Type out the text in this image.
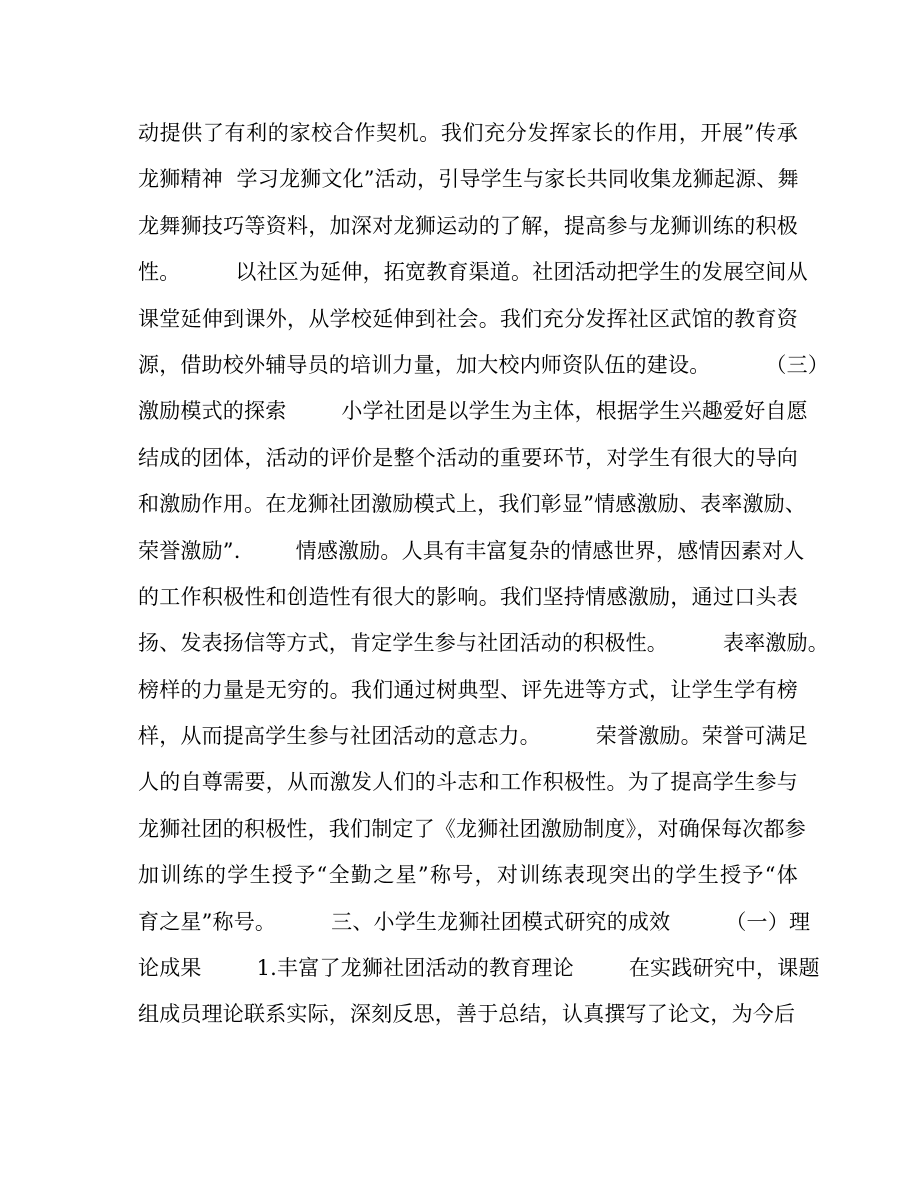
动提供了有利的家校合作契机。我们充分发挥家长的作用，开展”传承
龙狮精神  学习龙狮文化”活动，引导学生与家长共同收集龙狮起源、舞
龙舞狮技巧等资料，加深对龙狮运动的了解，提高参与龙狮训练的积极
性。        以社区为延伸，拓宽教育渠道。社团活动把学生的发展空间从
课堂延伸到课外，从学校延伸到社会。我们充分发挥社区武馆的教育资
源，借助校外辅导员的培训力量，加大校内师资队伍的建设。        （三）
激励模式的探索        小学社团是以学生为主体，根据学生兴趣爱好自愿
结成的团体，活动的评价是整个活动的重要环节，对学生有很大的导向
和激励作用。在龙狮社团激励模式上，我们彰显”情感激励、表率激励、
荣誉激励”.        情感激励。人具有丰富复杂的情感世界，感情因素对人
的工作积极性和创造性有很大的影响。我们坚持情感激励，通过口头表
扬、发表扬信等方式，肯定学生参与社团活动的积极性。        表率激励。
榜样的力量是无穷的。我们通过树典型、评先进等方式，让学生学有榜
样，从而提高学生参与社团活动的意志力。        荣誉激励。荣誉可满足
人的自尊需要，从而激发人们的斗志和工作积极性。为了提高学生参与
龙狮社团的积极性，我们制定了《龙狮社团激励制度》，对确保每次都参
加训练的学生授予“全勤之星”称号，对训练表现突出的学生授予“体
育之星”称号。        三、小学生龙狮社团模式研究的成效        （一）理
论成果        1.丰富了龙狮社团活动的教育理论        在实践研究中，课题
组成员理论联系实际，深刻反思，善于总结，认真撰写了论文，为今后
